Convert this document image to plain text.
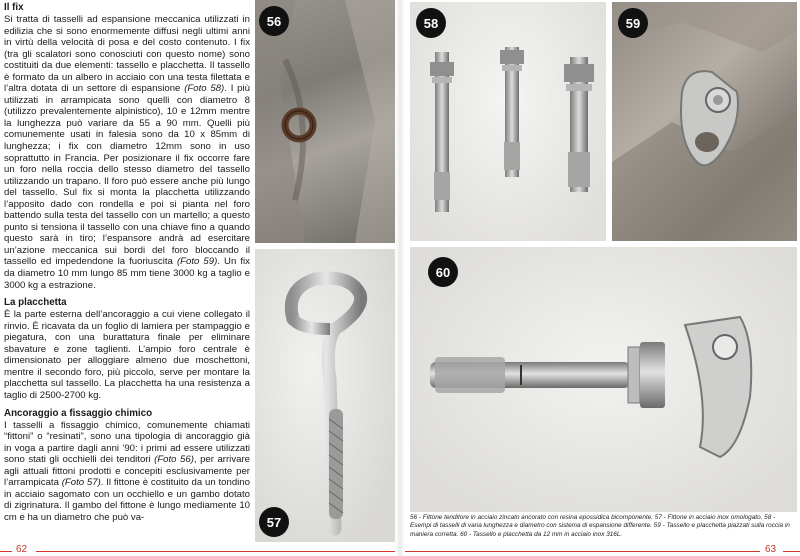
Il fix

Si tratta di tasselli ad espansione meccanica utilizzati in edilizia che si sono enormemente diffusi negli ultimi anni in virtù della velocità di posa e del costo contenuto. I fix (tra gli scalatori sono conosciuti con questo nome) sono costituiti da due elementi: tassello e placchetta. Il tassello è formato da un albero in acciaio con una testa filettata e l’altra dotata di un settore di espansione (Foto 58). I più utilizzati in arrampicata sono quelli con diametro 8 (utilizzo prevalentemente alpinistico), 10 e 12mm mentre la lunghezza può variare da 55 a 90 mm. Quelli più comunemente usati in falesia sono da 10 x 85mm di lunghezza; i fix con diametro 12mm sono in uso soprattutto in Francia. Per posizionare il fix occorre fare un foro nella roccia dello stesso diametro del tassello utilizzando un trapano. Il foro può essere anche più lungo del tassello. Sul fix si monta la placchetta utilizzando l’apposito dado con rondella e poi si pianta nel foro battendo sulla testa del tassello con un martello; a questo punto si tensiona il tassello con una chiave fino a quando questo sarà in tiro; l’espansore andrà ad esercitare un’azione meccanica sui bordi del foro bloccando il tassello ed impedendone la fuoriuscita (Foto 59). Un fix da diametro 10 mm lungo 85 mm tiene 3000 kg a taglio e 3000 kg a estrazione.

La placchetta

È la parte esterna dell’ancoraggio a cui viene collegato il rinvio. È ricavata da un foglio di lamiera per stampaggio e piegatura, con una burattatura finale per eliminare sbavature e zone taglienti. L’ampio foro centrale è dimensionato per alloggiare almeno due moschettoni, mentre il secondo foro, più piccolo, serve per montare la placchetta sul tassello. La placchetta ha una resistenza a taglio di 2500-2700 kg.

Ancoraggio a fissaggio chimico

I tasselli a fissaggio chimico, comunemente chiamati “fittoni” o “resinati”, sono una tipologia di ancoraggio già in voga a partire dagli anni ’90: i primi ad essere utilizzati sono stati gli occhielli dei tenditori (Foto 56), per arrivare agli attuali fittoni prodotti e concepiti esclusivamente per l’arrampicata (Foto 57). Il fittone è costituito da un tondino in acciaio sagomato con un occhiello e un gambo dotato di zigrinatura. Il gambo del fittone è lungo mediamente 10 cm e ha un diametro che può va-

56
57
62
58	59
60
56 - Fittone tenditore in acciaio zincato ancorato con resina epossidica bicomponente. 57 - Fittone in acciaio inox omologato. 58 - Esempi di tasselli di varia lunghezza e diametro con sistema di espansione differente. 59 - Tassello e placchetta piazzati sulla roccia in maniera corretta. 60 - Tassello e placchetta da 12 mm in acciaio inox 316L.
63
